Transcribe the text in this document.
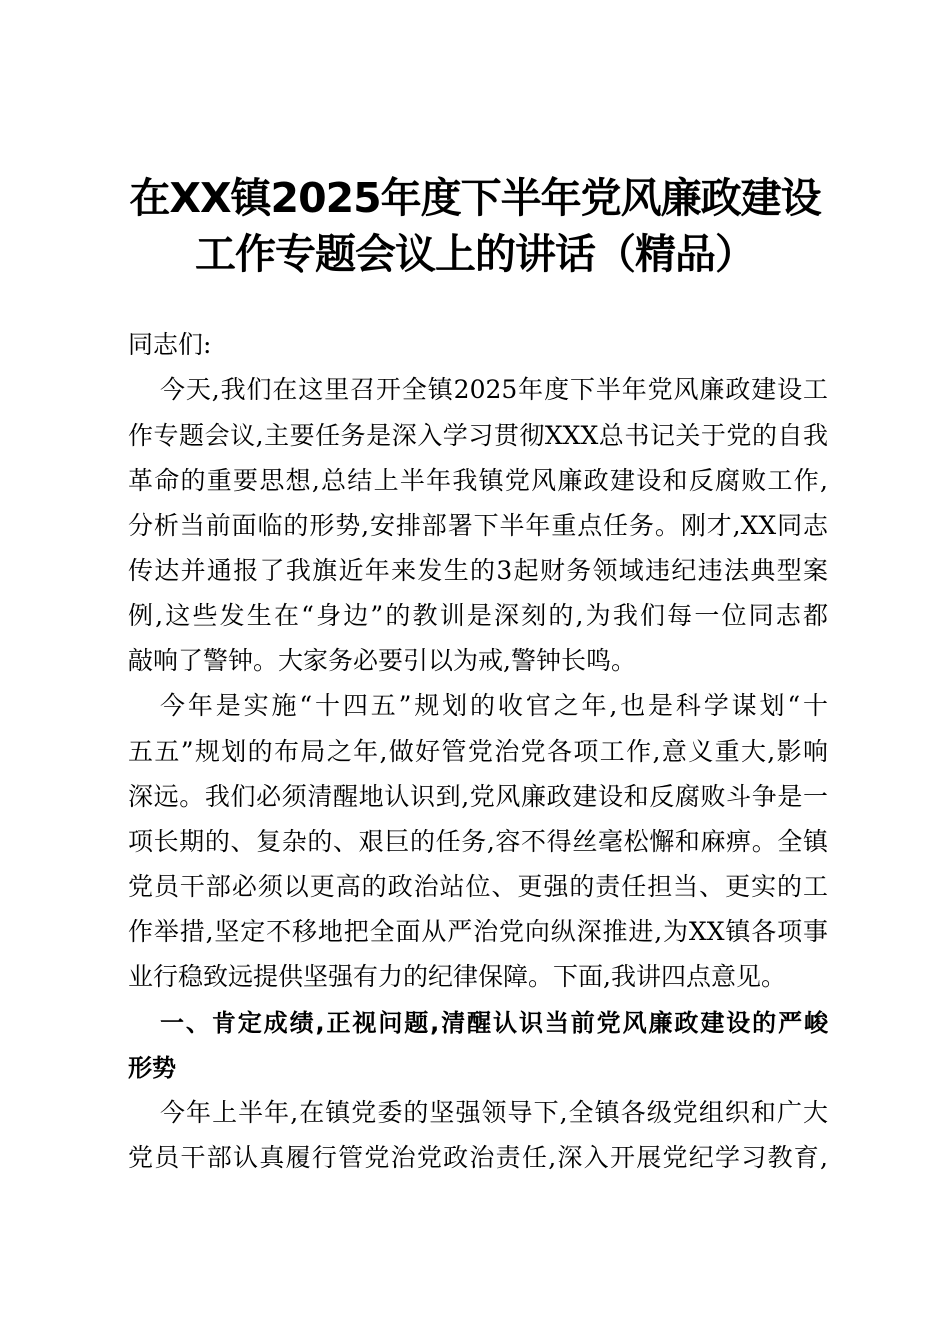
在XX镇2025年度下半年党风廉政建设
工作专题会议上的讲话（精品）
同志们:
今天,我们在这里召开全镇2025年度下半年党风廉政建设工
作专题会议,主要任务是深入学习贯彻XXX总书记关于党的自我
革命的重要思想,总结上半年我镇党风廉政建设和反腐败工作,
分析当前面临的形势,安排部署下半年重点任务。刚才,XX同志
传达并通报了我旗近年来发生的3起财务领域违纪违法典型案
例,这些发生在“身边”的教训是深刻的,为我们每一位同志都
敲响了警钟。大家务必要引以为戒,警钟长鸣。
今年是实施“十四五”规划的收官之年,也是科学谋划“十
五五”规划的布局之年,做好管党治党各项工作,意义重大,影响
深远。我们必须清醒地认识到,党风廉政建设和反腐败斗争是一
项长期的、复杂的、艰巨的任务,容不得丝毫松懈和麻痹。全镇
党员干部必须以更高的政治站位、更强的责任担当、更实的工
作举措,坚定不移地把全面从严治党向纵深推进,为XX镇各项事
业行稳致远提供坚强有力的纪律保障。下面,我讲四点意见。
一、肯定成绩,正视问题,清醒认识当前党风廉政建设的严峻
形势
今年上半年,在镇党委的坚强领导下,全镇各级党组织和广大
党员干部认真履行管党治党政治责任,深入开展党纪学习教育,
